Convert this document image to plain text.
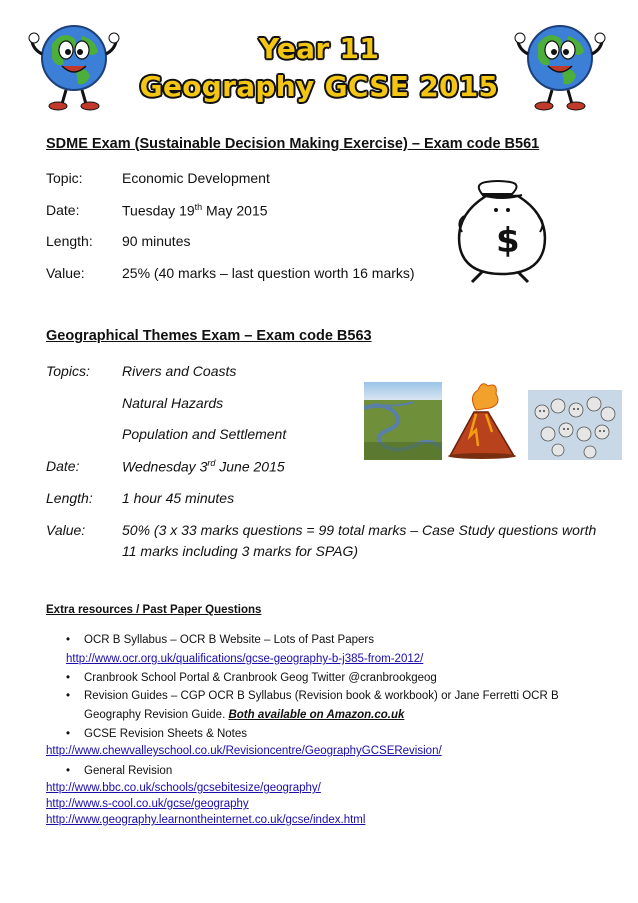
Year 11
Geography GCSE 2015
SDME Exam (Sustainable Decision Making Exercise) – Exam code B561
Topic:	Economic Development
Date:	Tuesday 19th May 2015
Length: 90 minutes
Value:	25% (40 marks – last question worth 16 marks)
$
Geographical Themes Exam – Exam code B563
Topics: Rivers and Coasts
Natural Hazards
Population and Settlement
Date:	Wednesday 3rd June 2015
Length: 1 hour 45 minutes
Value:	50% (3 x 33 marks questions = 99 total marks – Case Study questions worth
11 marks including 3 marks for SPAG)
Extra resources / Past Paper Questions
• OCR B Syllabus – OCR B Website – Lots of Past Papers
http://www.ocr.org.uk/qualifications/gcse-geography-b-j385-from-2012/
• Cranbrook School Portal & Cranbrook Geog Twitter @cranbrookgeog
• Revision Guides – CGP OCR B Syllabus (Revision book & workbook) or Jane Ferretti OCR B
Geography Revision Guide. Both available on Amazon.co.uk
• GCSE Revision Sheets & Notes
http://www.chewvalleyschool.co.uk/Revisioncentre/GeographyGCSERevision/
• General Revision
http://www.bbc.co.uk/schools/gcsebitesize/geography/
http://www.s-cool.co.uk/gcse/geography
http://www.geography.learnontheinternet.co.uk/gcse/index.html
